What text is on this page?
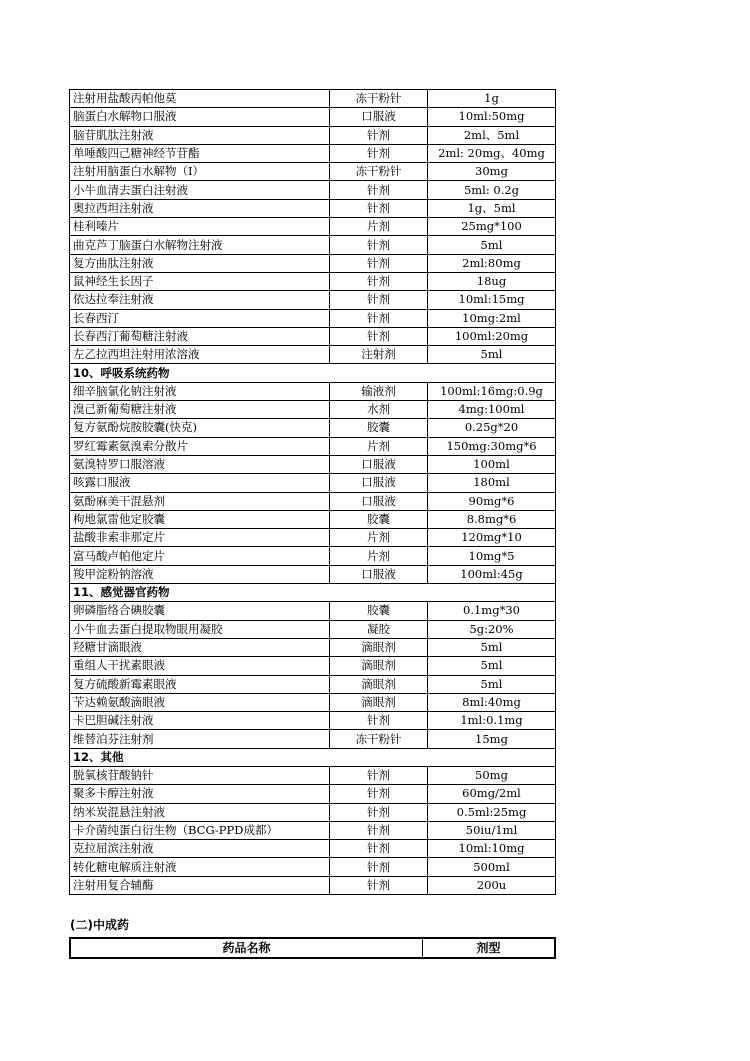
注射用盐酸丙帕他莫	冻干粉针	1g
脑蛋白水解物口服液	口服液	10ml:50mg
脑苷肌肽注射液	针剂	2ml、5ml
单唾酸四己糖神经节苷酯	针剂	2ml: 20mg、40mg
注射用脑蛋白水解物（I）	冻干粉针	30mg
小牛血清去蛋白注射液	针剂	5ml: 0.2g
奥拉西坦注射液	针剂	1g、5ml
桂利嗪片	片剂	25mg*100
曲克芦丁脑蛋白水解物注射液	针剂	5ml
复方曲肽注射液	针剂	2ml:80mg
鼠神经生长因子	针剂	18ug
依达拉奉注射液	针剂	10ml:15mg
长春西汀	针剂	10mg:2ml
长春西汀葡萄糖注射液	针剂	100ml:20mg
左乙拉西坦注射用浓溶液	注射剂	5ml
10、呼吸系统药物		
细辛脑氯化钠注射液	输液剂	100ml:16mg:0.9g
溴己新葡萄糖注射液	水剂	4mg:100ml
复方氨酚烷胺胶囊(快克)	胶囊	0.25g*20
罗红霉素氨溴索分散片	片剂	150mg:30mg*6
氨溴特罗口服溶液	口服液	100ml
咳露口服液	口服液	180ml
氨酚麻美干混悬剂	口服液	90mg*6
枸地氯雷他定胶囊	胶囊	8.8mg*6
盐酸非索非那定片	片剂	120mg*10
富马酸卢帕他定片	片剂	10mg*5
羧甲淀粉钠溶液	口服液	100ml:45g
11、感觉器官药物		
卵磷脂络合碘胶囊	胶囊	0.1mg*30
小牛血去蛋白提取物眼用凝胶	凝胶	5g:20%
羟糖甘滴眼液	滴眼剂	5ml
重组人干扰素眼液	滴眼剂	5ml
复方硫酸新霉素眼液	滴眼剂	5ml
苄达赖氨酸滴眼液	滴眼剂	8ml:40mg
卡巴胆碱注射液	针剂	1ml:0.1mg
维替泊芬注射剂	冻干粉针	15mg
12、其他		
脱氧核苷酸钠针	针剂	50mg
聚多卡醇注射液	针剂	60mg/2ml
纳米炭混悬注射液	针剂	0.5ml:25mg
卡介菌纯蛋白衍生物（BCG-PPD成都）	针剂	50iu/1ml
克拉屈滨注射液	针剂	10ml:10mg
转化糖电解质注射液	针剂	500ml
注射用复合辅酶	针剂	200u
(二)中成药
药品名称	剂型
